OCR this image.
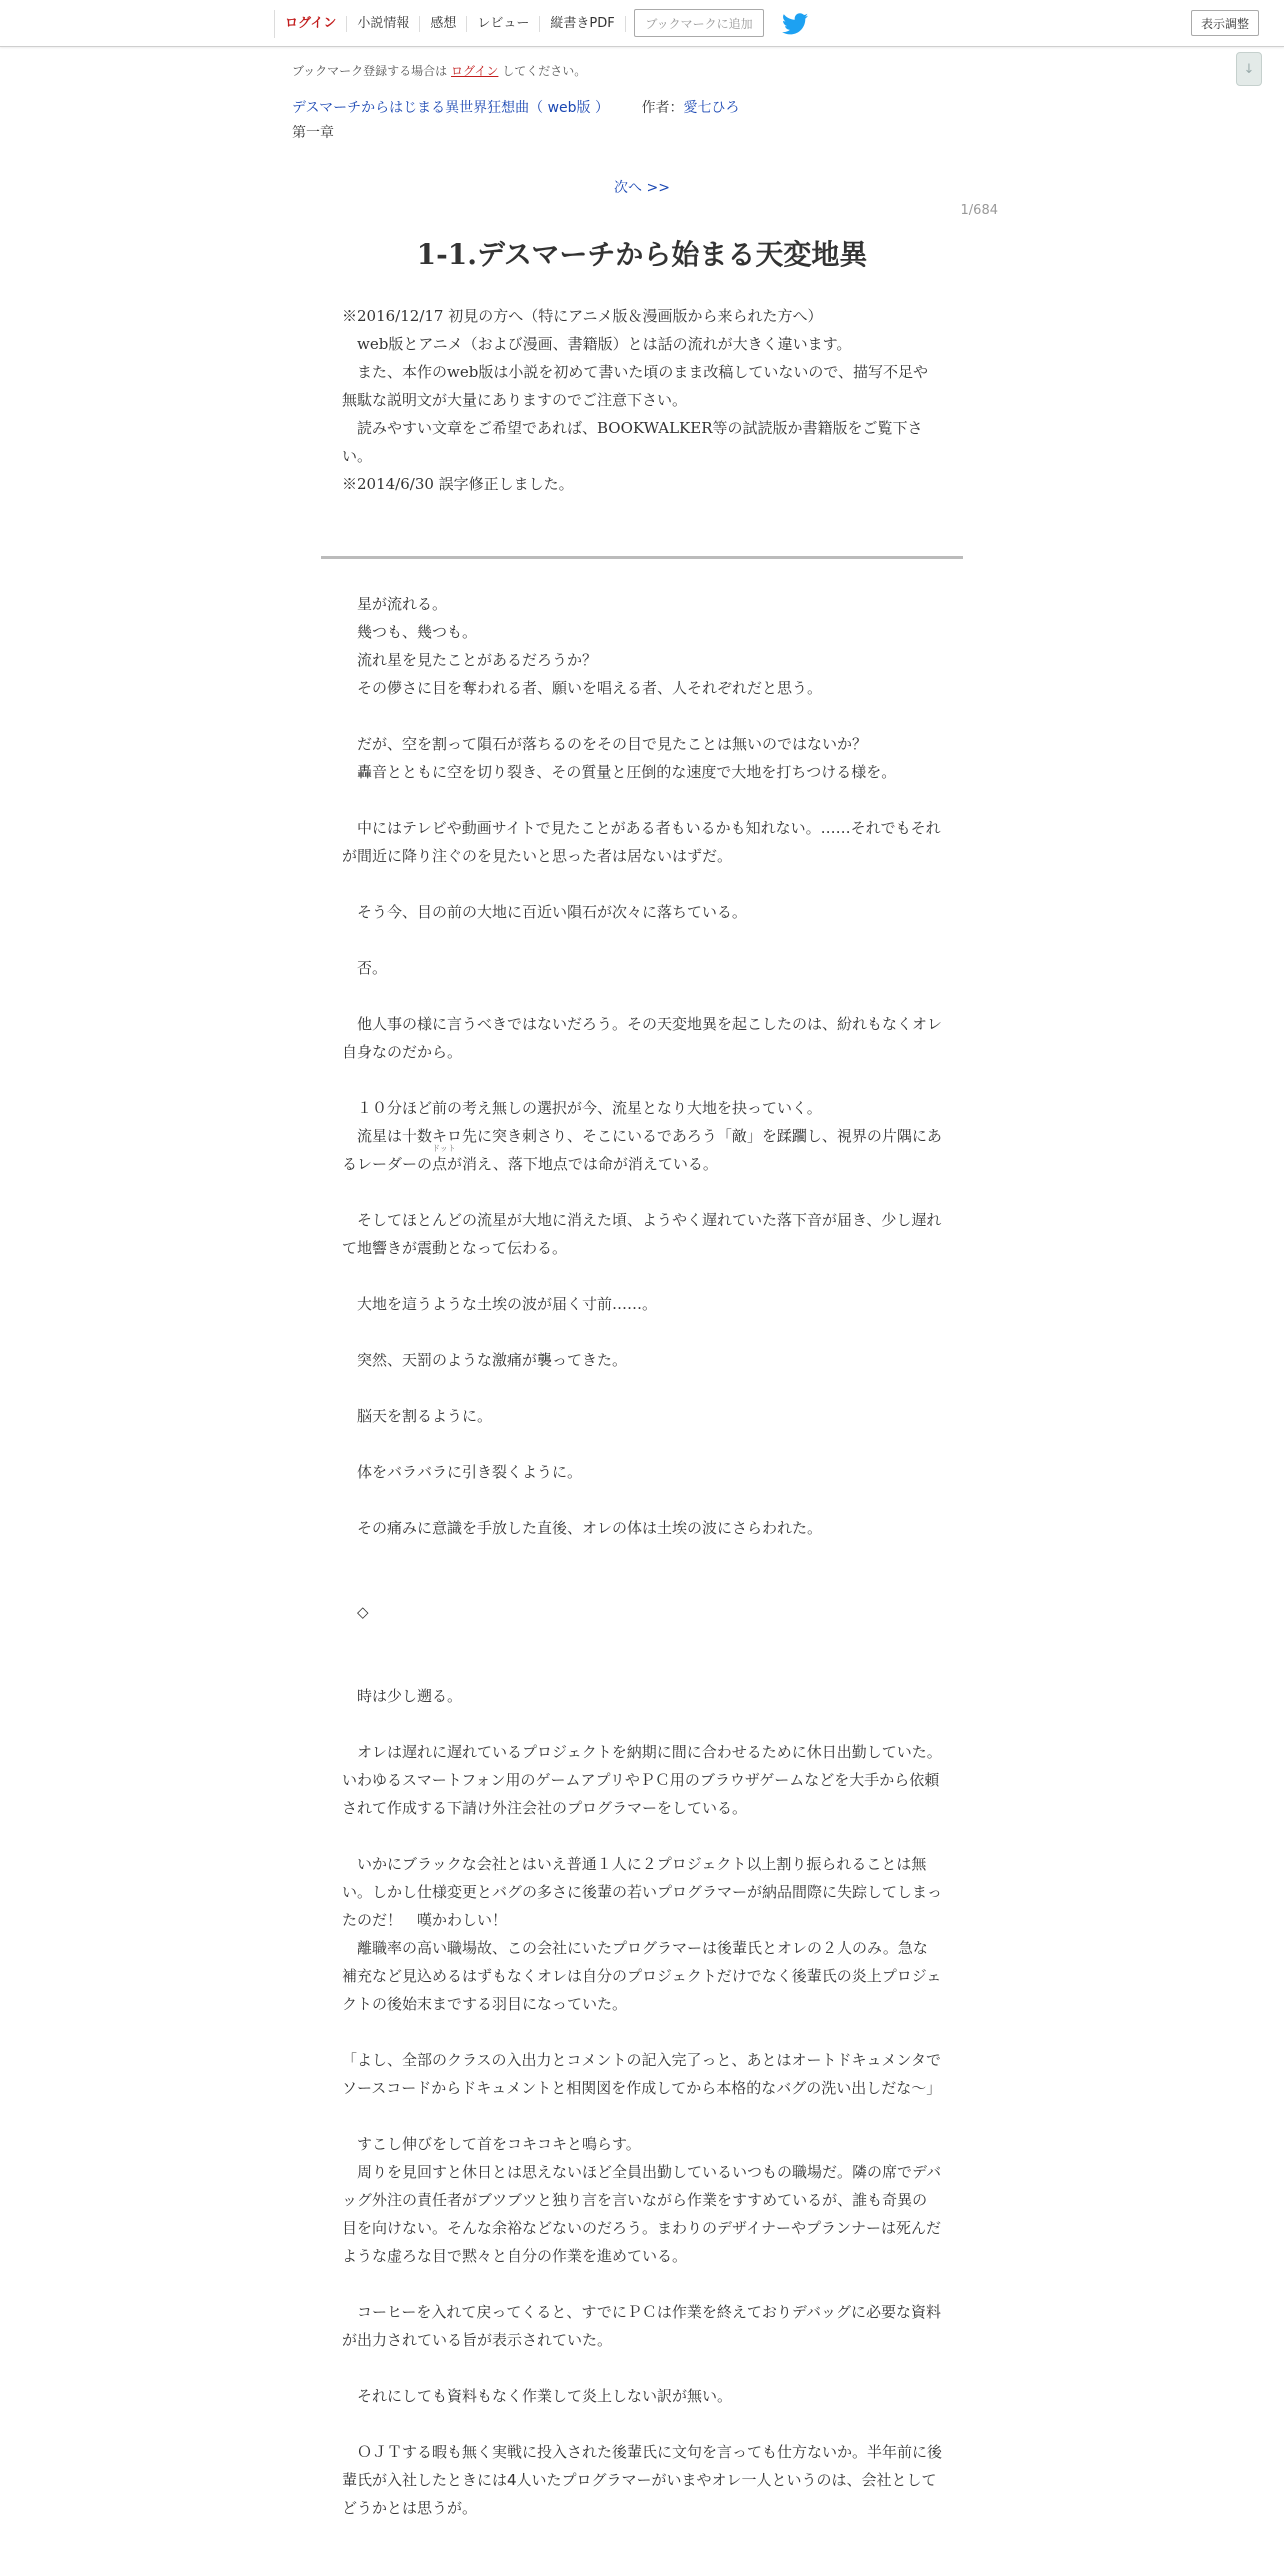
ログイン	小説情報	感想	レビュー	縦書きPDF	ブックマークに追加	表示調整
↓
ブックマーク登録する場合は ログイン してください。
デスマーチからはじまる異世界狂想曲（ web版 ） 作者：愛七ひろ
第一章
次へ >>
1/684
1-1.デスマーチから始まる天変地異

※2016/12/17 初見の方へ（特にアニメ版＆漫画版から来られた方へ）

　web版とアニメ（および漫画、書籍版）とは話の流れが大きく違います。

　また、本作のweb版は小説を初めて書いた頃のまま改稿していないので、描写不足や無駄な説明文が大量にありますのでご注意下さい。

　読みやすい文章をご希望であれば、BOOKWALKER等の試読版か書籍版をご覧下さい。

※2014/6/30 誤字修正しました。

　星が流れる。

　幾つも、幾つも。

　流れ星を見たことがあるだろうか？

　その儚さに目を奪われる者、願いを唱える者、人それぞれだと思う。

　だが、空を割って隕石が落ちるのをその目で見たことは無いのではないか？

　轟音とともに空を切り裂き、その質量と圧倒的な速度で大地を打ちつける様を。

　中にはテレビや動画サイトで見たことがある者もいるかも知れない。……それでもそれが間近に降り注ぐのを見たいと思った者は居ないはずだ。

　そう今、目の前の大地に百近い隕石が次々に落ちている。

　否。

　他人事の様に言うべきではないだろう。その天変地異を起こしたのは、紛れもなくオレ自身なのだから。

　１０分ほど前の考え無しの選択が今、流星となり大地を抉っていく。

　流星は十数キロ先に突き刺さり、そこにいるであろう「敵」を蹂躙し、視界の片隅にあるレーダーの
ドット
点が消え、落下地点では命が消えている。

　そしてほとんどの流星が大地に消えた頃、ようやく遅れていた落下音が届き、少し遅れて地響きが震動となって伝わる。

　大地を這うような土埃の波が届く寸前……。

　突然、天罰のような激痛が襲ってきた。

　脳天を割るように。

　体をバラバラに引き裂くように。

　その痛みに意識を手放した直後、オレの体は土埃の波にさらわれた。

　◇

　時は少し遡る。

　オレは遅れに遅れているプロジェクトを納期に間に合わせるために休日出勤していた。いわゆるスマートフォン用のゲームアプリやＰＣ用のブラウザゲームなどを大手から依頼されて作成する下請け外注会社のプログラマーをしている。

　いかにブラックな会社とはいえ普通１人に２プロジェクト以上割り振られることは無い。しかし仕様変更とバグの多さに後輩の若いプログラマーが納品間際に失踪してしまったのだ！　嘆かわしい！

　離職率の高い職場故、この会社にいたプログラマーは後輩氏とオレの２人のみ。急な補充など見込めるはずもなくオレは自分のプロジェクトだけでなく後輩氏の炎上プロジェクトの後始末までする羽目になっていた。

「よし、全部のクラスの入出力とコメントの記入完了っと、あとはオートドキュメンタでソースコードからドキュメントと相関図を作成してから本格的なバグの洗い出しだな～」

　すこし伸びをして首をコキコキと鳴らす。

　周りを見回すと休日とは思えないほど全員出勤しているいつもの職場だ。隣の席でデバッグ外注の責任者がブツブツと独り言を言いながら作業をすすめているが、誰も奇異の目を向けない。そんな余裕などないのだろう。まわりのデザイナーやプランナーは死んだような虚ろな目で黙々と自分の作業を進めている。

　コーヒーを入れて戻ってくると、すでにＰＣは作業を終えておりデバッグに必要な資料が出力されている旨が表示されていた。

　それにしても資料もなく作業して炎上しない訳が無い。

　ＯＪＴする暇も無く実戦に投入された後輩氏に文句を言っても仕方ないか。半年前に後輩氏が入社したときには4人いたプログラマーがいまやオレ一人というのは、会社としてどうかとは思うが。
